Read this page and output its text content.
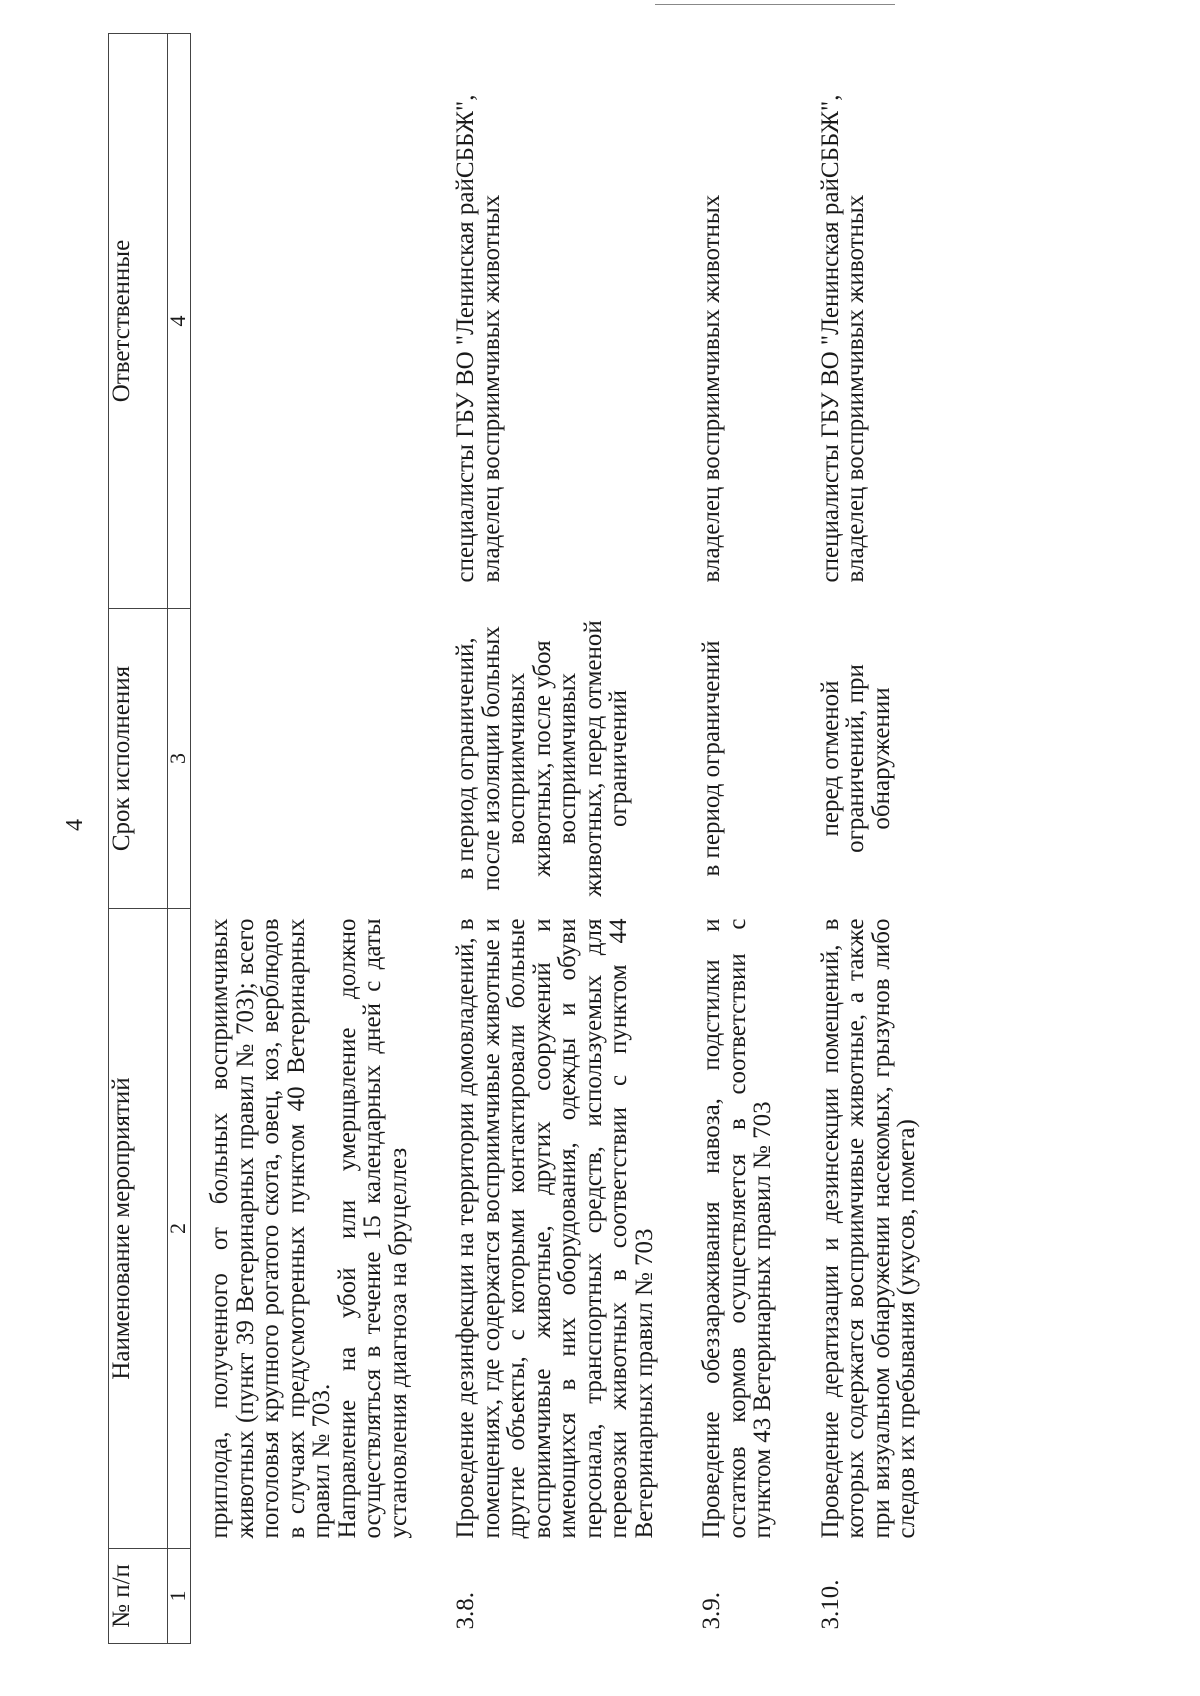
4
№ п/п	Наименование мероприятий	Срок исполнения	Ответственные
1	2	3	4

	приплода, полученного от больных восприимчивых животных (пункт 39 Ветеринарных правил № 703); всего поголовья крупного рогатого скота, овец, коз, верблюдов в случаях предусмотренных пунктом 40 Ветеринарных правил № 703.

Направление на убой или умерщвление должно осуществляться в течение 15 календарных дней с даты установления диагноза на бруцеллез		

3.8.	Проведение дезинфекции на территории домовладений, в помещениях, где содержатся восприимчивые животные и другие объекты, с которыми контактировали больные восприимчивые животные, других сооружений и имеющихся в них оборудования, одежды и обуви персонала, транспортных средств, используемых для перевозки животных в соответствии с пунктом 44 Ветеринарных правил № 703	в период ограничений, после изоляции больных восприимчивых животных, после убоя восприимчивых животных, перед отменой ограничений	специалисты ГБУ ВО "Ленинская райСББЖ", владелец восприимчивых животных
3.9.	Проведение обеззараживания навоза, подстилки и остатков кормов осуществляется в соответствии с пунктом 43 Ветеринарных правил № 703	в период ограничений	владелец восприимчивых животных
3.10.	Проведение дератизации и дезинсекции помещений, в которых содержатся восприимчивые животные, а также при визуальном обнаружении насекомых, грызунов либо следов их пребывания (укусов, помета)	перед отменой ограничений, при обнаружении	специалисты ГБУ ВО "Ленинская райСББЖ", владелец восприимчивых животных
